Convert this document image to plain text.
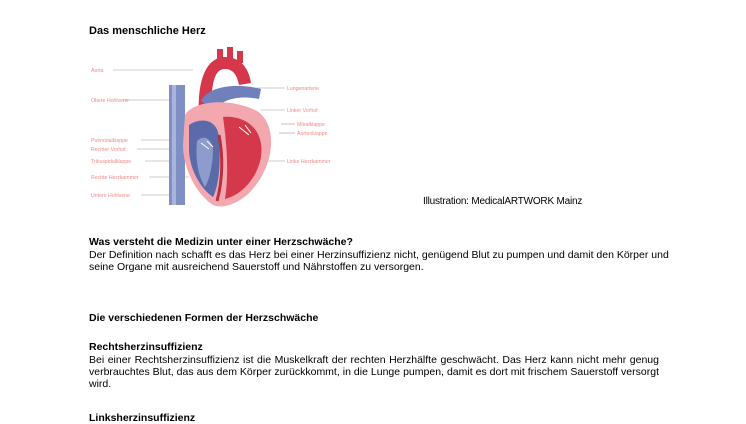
Das menschliche Herz
Aorta
Obere Hohlvene
Pulmonalklappe
Rechter Vorhof
Trikuspidalklappe
Rechte Herzkammer
Untere Hohlvene
Lungenarterie
Linker Vorhof
Mitralklappe
Aortenklappe
Linke Herzkammer
Illustration: MedicalARTWORK Mainz
Was versteht die Medizin unter einer Herzschwäche?
Der Definition nach schafft es das Herz bei einer Herzinsuffizienz nicht, genügend Blut zu pumpen und damit den Körper und seine Organe mit ausreichend Sauerstoff und Nährstoffen zu versorgen.
Die verschiedenen Formen der Herzschwäche
Rechtsherzinsuffizienz
Bei einer Rechtsherzinsuffizienz ist die Muskelkraft der rechten Herzhälfte geschwächt. Das Herz kann nicht mehr genug verbrauchtes Blut, das aus dem Körper zurückkommt, in die Lunge pumpen, damit es dort mit frischem Sauerstoff versorgt wird.
Linksherzinsuffizienz
